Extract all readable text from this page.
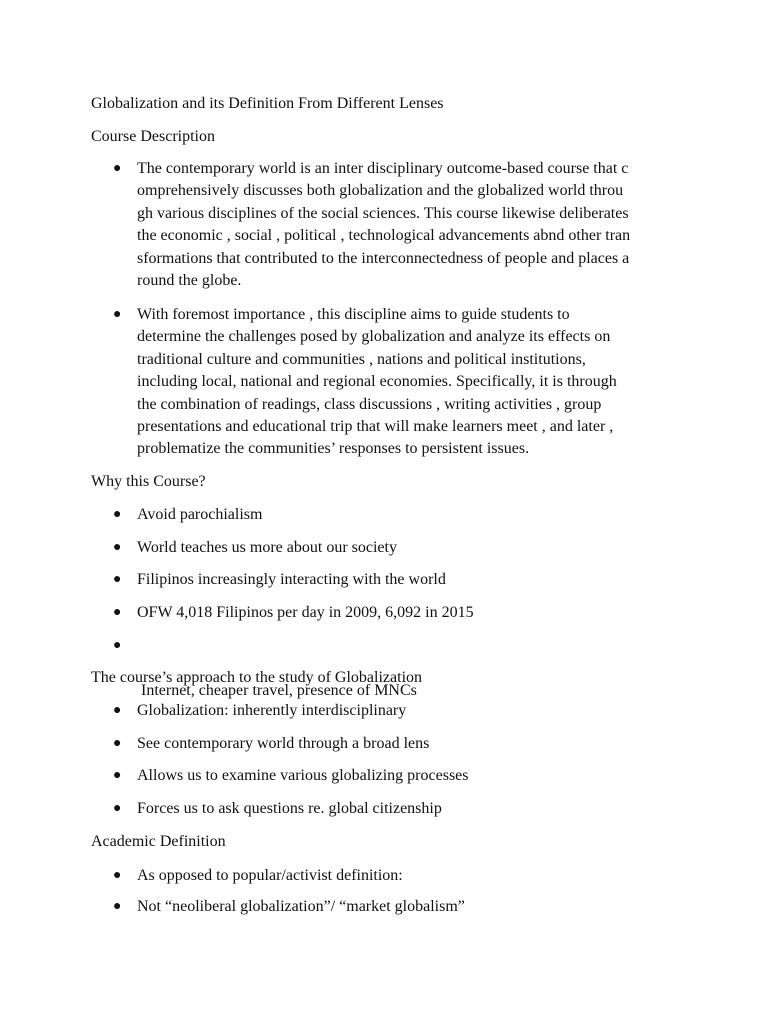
Globalization and its Definition From Different Lenses
Course Description
● The contemporary world is an inter disciplinary outcome-based course that c
omprehensively discusses both globalization and the globalized world throu
gh various disciplines of the social sciences. This course likewise deliberates
the economic , social , political , technological advancements abnd other tran
sformations that contributed to the interconnectedness of people and places a
round the globe.
● With foremost importance , this discipline aims to guide students to
determine the challenges posed by globalization and analyze its effects on
traditional culture and communities , nations and political institutions,
including local, national and regional economies. Specifically, it is through
the combination of readings, class discussions , writing activities , group
presentations and educational trip that will make learners meet , and later ,
problematize the communities’ responses to persistent issues.
Why this Course?
● Avoid parochialism
● World teaches us more about our society
● Filipinos increasingly interacting with the world
● OFW 4,018 Filipinos per day in 2009, 6,092 in 2015
●

Internet, cheaper travel, presence of MNCs

The course’s approach to the study of Globalization
● Globalization: inherently interdisciplinary
● See contemporary world through a broad lens
● Allows us to examine various globalizing processes
● Forces us to ask questions re. global citizenship
Academic Definition
● As opposed to popular/activist definition:
● Not “neoliberal globalization”/ “market globalism”
